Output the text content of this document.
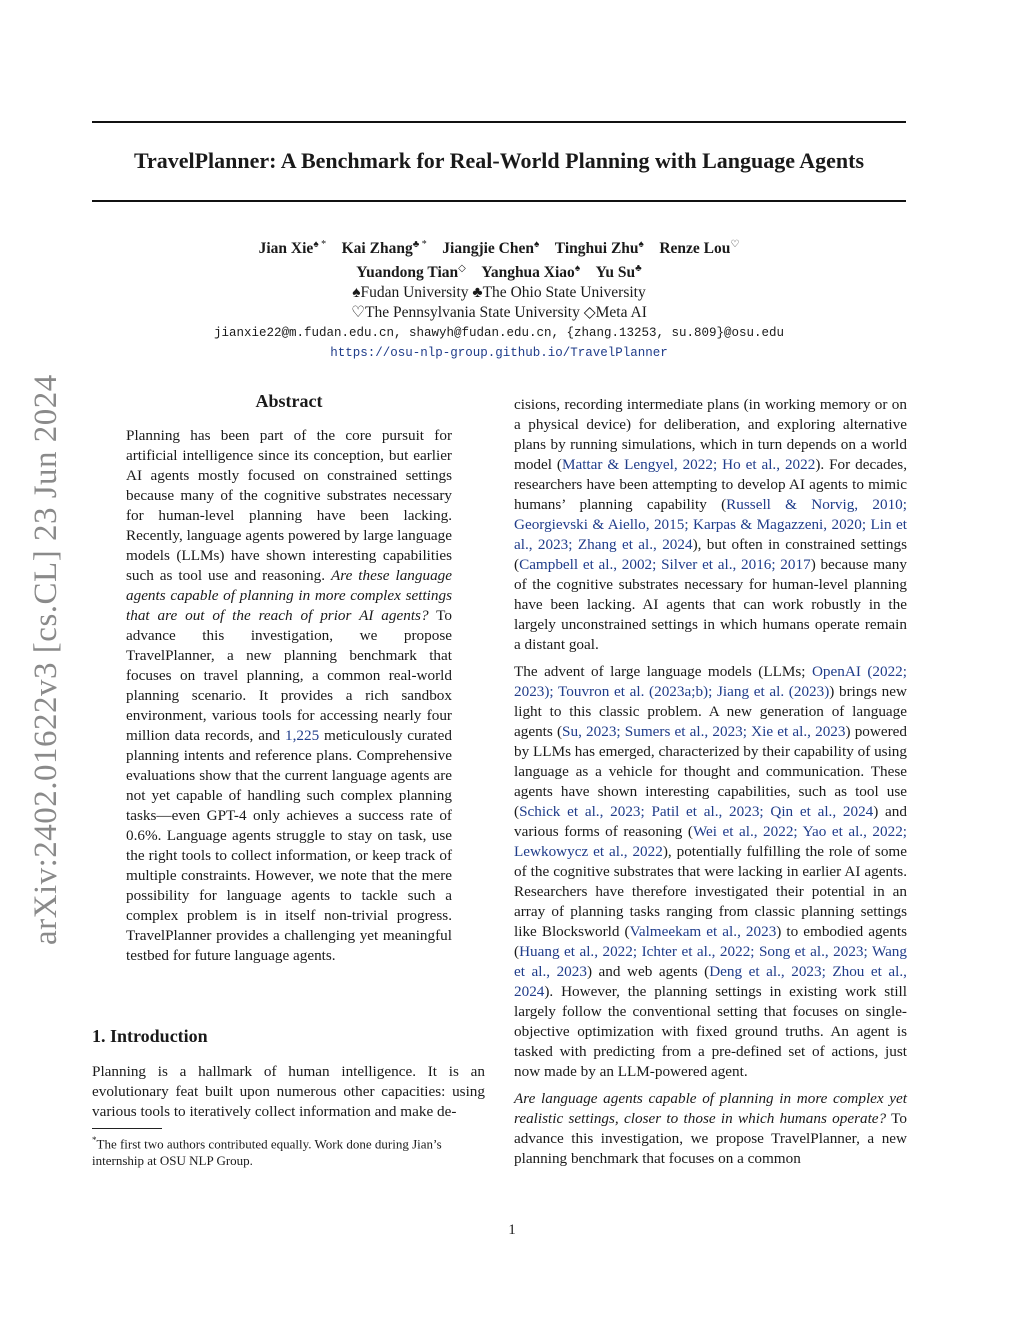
TravelPlanner: A Benchmark for Real-World Planning with Language Agents
Jian Xie♠ * Kai Zhang♣ * Jiangjie Chen♠ Tinghui Zhu♠ Renze Lou♡
Yuandong Tian◇ Yanghua Xiao♠ Yu Su♣
♠Fudan University ♣The Ohio State University
♡The Pennsylvania State University ◇Meta AI
jianxie22@m.fudan.edu.cn, shawyh@fudan.edu.cn, {zhang.13253, su.809}@osu.edu
https://osu-nlp-group.github.io/TravelPlanner
arXiv:2402.01622v3 [cs.CL] 23 Jun 2024	Abstract

Planning has been part of the core pursuit for artificial intelligence since its conception, but earlier AI agents mostly focused on constrained settings because many of the cognitive substrates necessary for human-level planning have been lacking. Recently, language agents powered by large language models (LLMs) have shown interesting capabilities such as tool use and reasoning. Are these language agents capable of planning in more complex settings that are out of the reach of prior AI agents? To advance this investigation, we propose TravelPlanner, a new planning benchmark that focuses on travel planning, a common real-world planning scenario. It provides a rich sandbox environment, various tools for accessing nearly four million data records, and 1,225 meticulously curated planning intents and reference plans. Comprehensive evaluations show that the current language agents are not yet capable of handling such complex planning tasks—even GPT-4 only achieves a success rate of 0.6%. Language agents struggle to stay on task, use the right tools to collect information, or keep track of multiple constraints. However, we note that the mere possibility for language agents to tackle such a complex problem is in itself non-trivial progress. TravelPlanner provides a challenging yet meaningful testbed for future language agents.

1. Introduction

Planning is a hallmark of human intelligence. It is an evolutionary feat built upon numerous other capacities: using various tools to iteratively collect information and make de-

*The first two authors contributed equally. Work done during Jian’s internship at OSU NLP Group.

cisions, recording intermediate plans (in working memory or on a physical device) for deliberation, and exploring alternative plans by running simulations, which in turn depends on a world model (Mattar & Lengyel, 2022; Ho et al., 2022). For decades, researchers have been attempting to develop AI agents to mimic humans’ planning capability (Russell & Norvig, 2010; Georgievski & Aiello, 2015; Karpas & Magazzeni, 2020; Lin et al., 2023; Zhang et al., 2024), but often in constrained settings (Campbell et al., 2002; Silver et al., 2016; 2017) because many of the cognitive substrates necessary for human-level planning have been lacking. AI agents that can work robustly in the largely unconstrained settings in which humans operate remain a distant goal.

The advent of large language models (LLMs; OpenAI (2022; 2023); Touvron et al. (2023a;b); Jiang et al. (2023)) brings new light to this classic problem. A new generation of language agents (Su, 2023; Sumers et al., 2023; Xie et al., 2023) powered by LLMs has emerged, characterized by their capability of using language as a vehicle for thought and communication. These agents have shown interesting capabilities, such as tool use (Schick et al., 2023; Patil et al., 2023; Qin et al., 2024) and various forms of reasoning (Wei et al., 2022; Yao et al., 2022; Lewkowycz et al., 2022), potentially fulfilling the role of some of the cognitive substrates that were lacking in earlier AI agents. Researchers have therefore investigated their potential in an array of planning tasks ranging from classic planning settings like Blocksworld (Valmeekam et al., 2023) to embodied agents (Huang et al., 2022; Ichter et al., 2022; Song et al., 2023; Wang et al., 2023) and web agents (Deng et al., 2023; Zhou et al., 2024). However, the planning settings in existing work still largely follow the conventional setting that focuses on single-objective optimization with fixed ground truths. An agent is tasked with predicting from a pre-defined set of actions, just now made by an LLM-powered agent.

Are language agents capable of planning in more complex yet realistic settings, closer to those in which humans operate? To advance this investigation, we propose TravelPlanner, a new planning benchmark that focuses on a common

1
